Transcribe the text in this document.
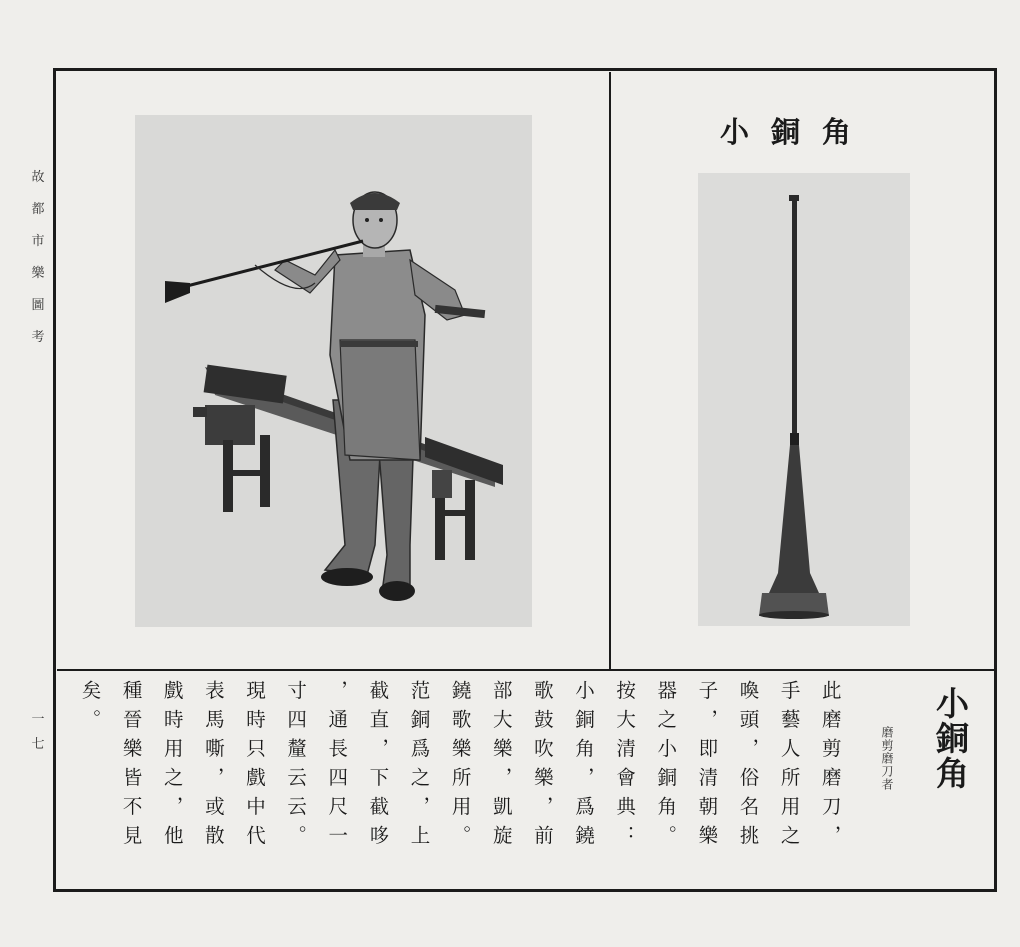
故
都
市
樂
圖
考
一
七
小銅角
小銅角
磨剪磨刀者
此磨剪磨刀，
手藝人所用之
喚頭，俗名挑
子，即清朝樂
器之小銅角。
按大清會典：
小銅角，爲鐃
歌鼓吹樂，前
部大樂，凱旋
鐃歌樂所用。
范銅爲之，上
截直，下截哆
，通長四尺一
寸四釐云云。
現時只戲中代
表馬嘶，或散
戲時用之，他
種晉樂皆不見
矣。
